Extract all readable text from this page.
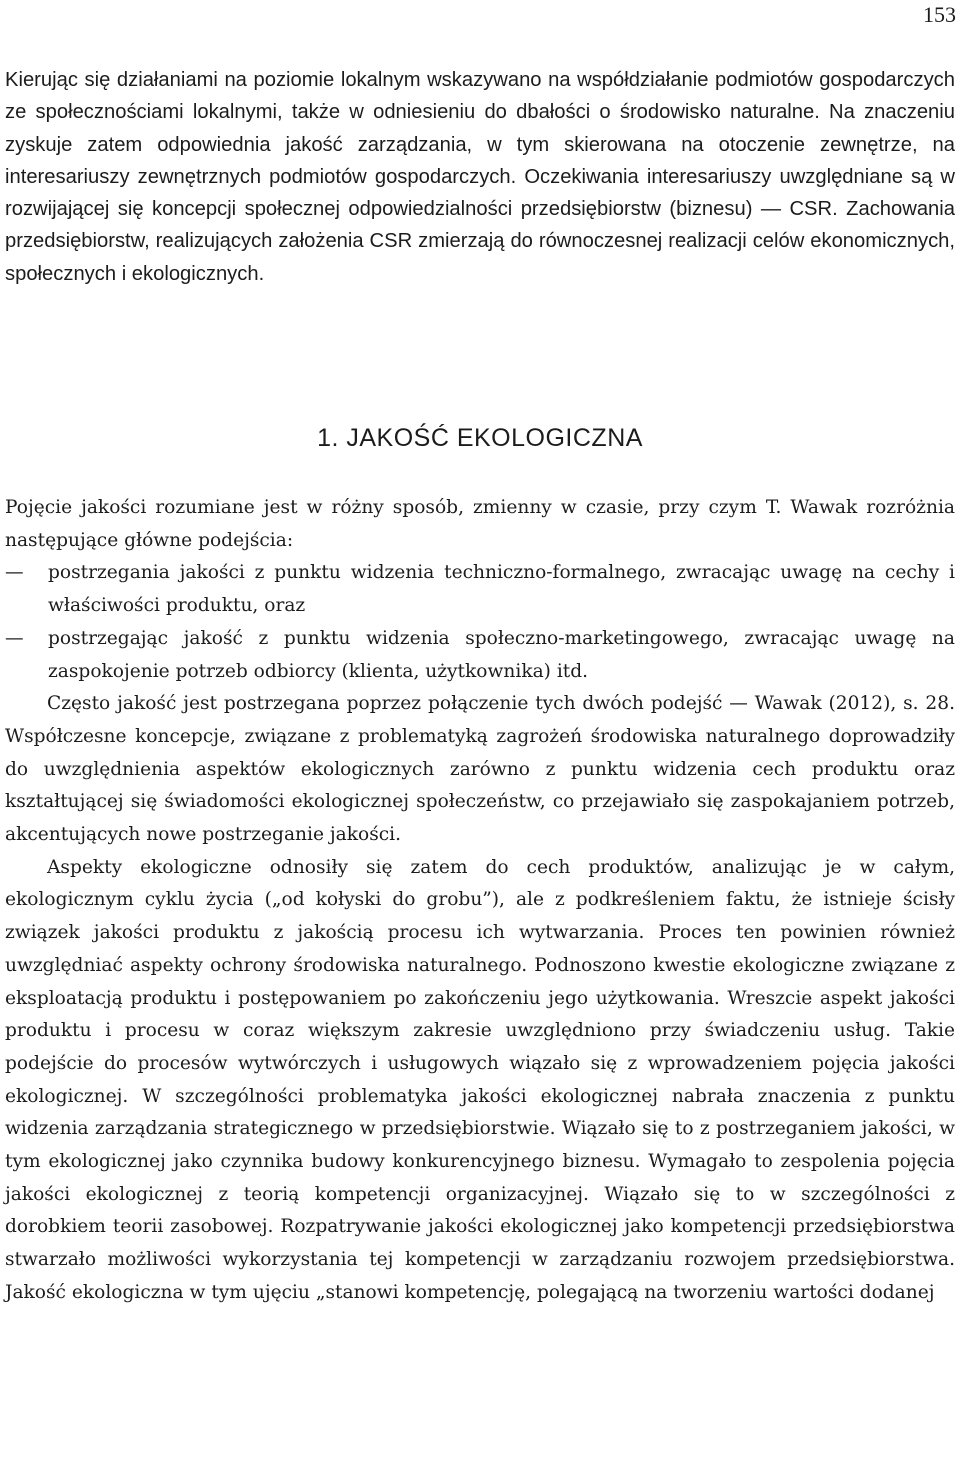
153

Kierując się działaniami na poziomie lokalnym wskazywano na współdziałanie podmiotów gospodarczych ze społecznościami lokalnymi, także w odniesieniu do dbałości o środowisko naturalne. Na znaczeniu zyskuje zatem odpowiednia jakość zarządzania, w tym skierowana na otoczenie zewnętrze, na interesariuszy zewnętrznych podmiotów gospodarczych. Oczekiwania interesariuszy uwzględniane są w rozwijającej się koncepcji społecznej odpowiedzialności przedsiębiorstw (biznesu) — CSR. Zachowania przedsiębiorstw, realizujących założenia CSR zmierzają do równoczesnej realizacji celów ekonomicznych, społecznych i ekologicznych.

1. JAKOŚĆ EKOLOGICZNA

Pojęcie jakości rozumiane jest w różny sposób, zmienny w czasie, przy czym T. Wawak rozróżnia następujące główne podejścia:

— postrzegania jakości z punktu widzenia techniczno-formalnego, zwracając uwagę na cechy i właściwości produktu, oraz
— postrzegając jakość z punktu widzenia społeczno-marketingowego, zwracając uwagę na zaspokojenie potrzeb odbiorcy (klienta, użytkownika) itd.

Często jakość jest postrzegana poprzez połączenie tych dwóch podejść — Wawak (2012), s. 28. Współczesne koncepcje, związane z problematyką zagrożeń środowiska naturalnego doprowadziły do uwzględnienia aspektów ekologicznych zarówno z punktu widzenia cech produktu oraz kształtującej się świadomości ekologicznej społeczeństw, co przejawiało się zaspokajaniem potrzeb, akcentujących nowe postrzeganie jakości.

Aspekty ekologiczne odnosiły się zatem do cech produktów, analizując je w całym, ekologicznym cyklu życia („od kołyski do grobu”), ale z podkreśleniem faktu, że istnieje ścisły związek jakości produktu z jakością procesu ich wytwarzania. Proces ten powinien również uwzględniać aspekty ochrony środowiska naturalnego. Podnoszono kwestie ekologiczne związane z eksploatacją produktu i postępowaniem po zakończeniu jego użytkowania. Wreszcie aspekt jakości produktu i procesu w coraz większym zakresie uwzględniono przy świadczeniu usług. Takie podejście do procesów wytwórczych i usługowych wiązało się z wprowadzeniem pojęcia jakości ekologicznej. W szczególności problematyka jakości ekologicznej nabrała znaczenia z punktu widzenia zarządzania strategicznego w przedsiębiorstwie. Wiązało się to z postrzeganiem jakości, w tym ekologicznej jako czynnika budowy konkurencyjnego biznesu. Wymagało to zespolenia pojęcia jakości ekologicznej z teorią kompetencji organizacyjnej. Wiązało się to w szczególności z dorobkiem teorii zasobowej. Rozpatrywanie jakości ekologicznej jako kompetencji przedsiębiorstwa stwarzało możliwości wykorzystania tej kompetencji w zarządzaniu rozwojem przedsiębiorstwa. Jakość ekologiczna w tym ujęciu „stanowi kompetencję, polegającą na tworzeniu wartości dodanej
